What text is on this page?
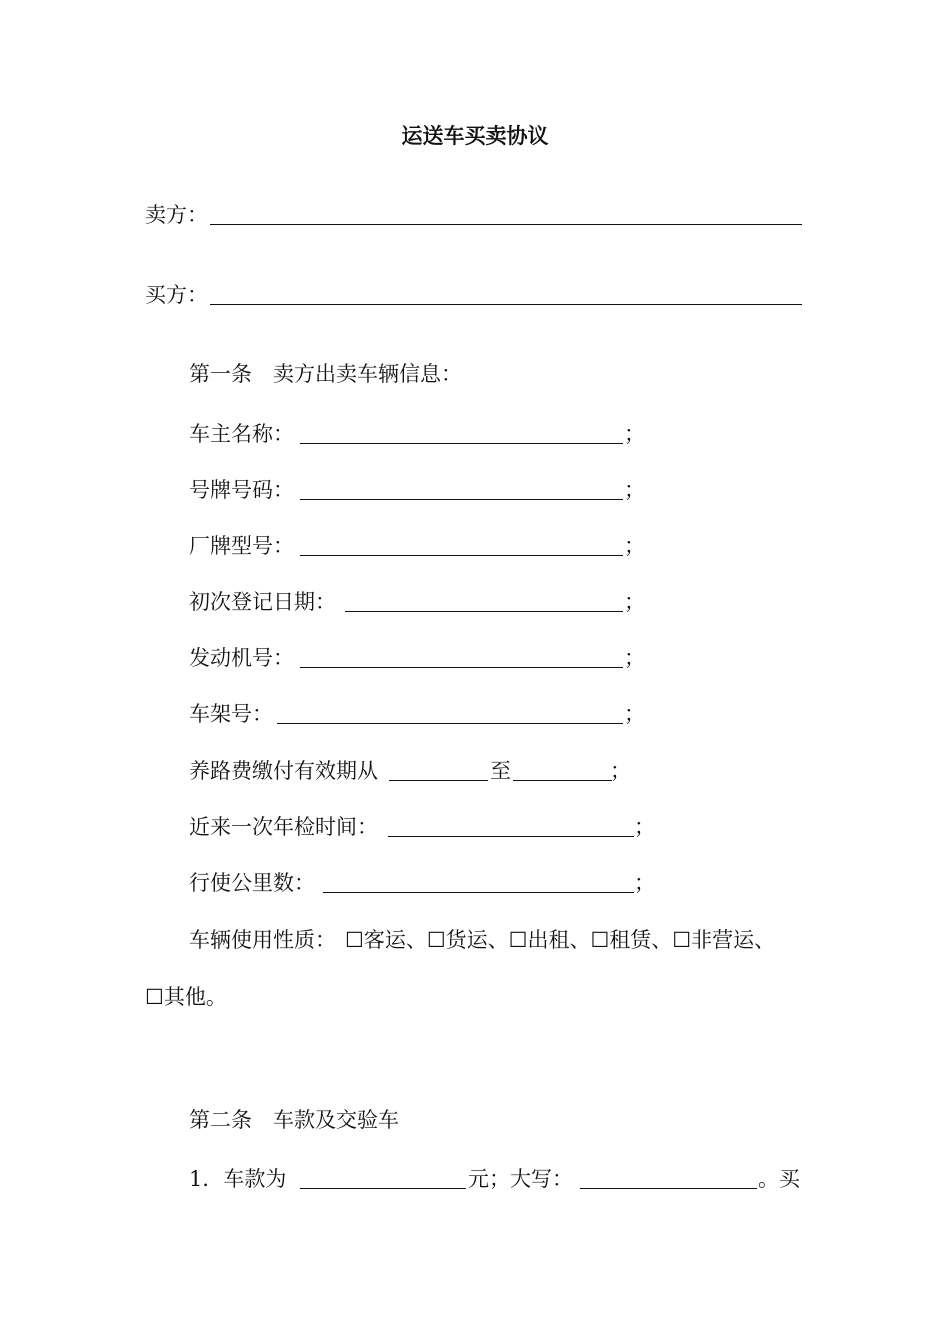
运送车买卖协议
卖方：
买方：
第一条　卖方出卖车辆信息：
车主名称：	；
号牌号码：	；
厂牌型号：	；
初次登记日期：	；
发动机号：	；
车架号：	；
养路费缴付有效期从	至	；
近来一次年检时间：	；
行使公里数：	；
车辆使用性质： ☐客运、☐货运、☐出租、☐租赁、☐非营运、
☐其他。
第二条　车款及交验车
1．车款为	元；大写：	。买
